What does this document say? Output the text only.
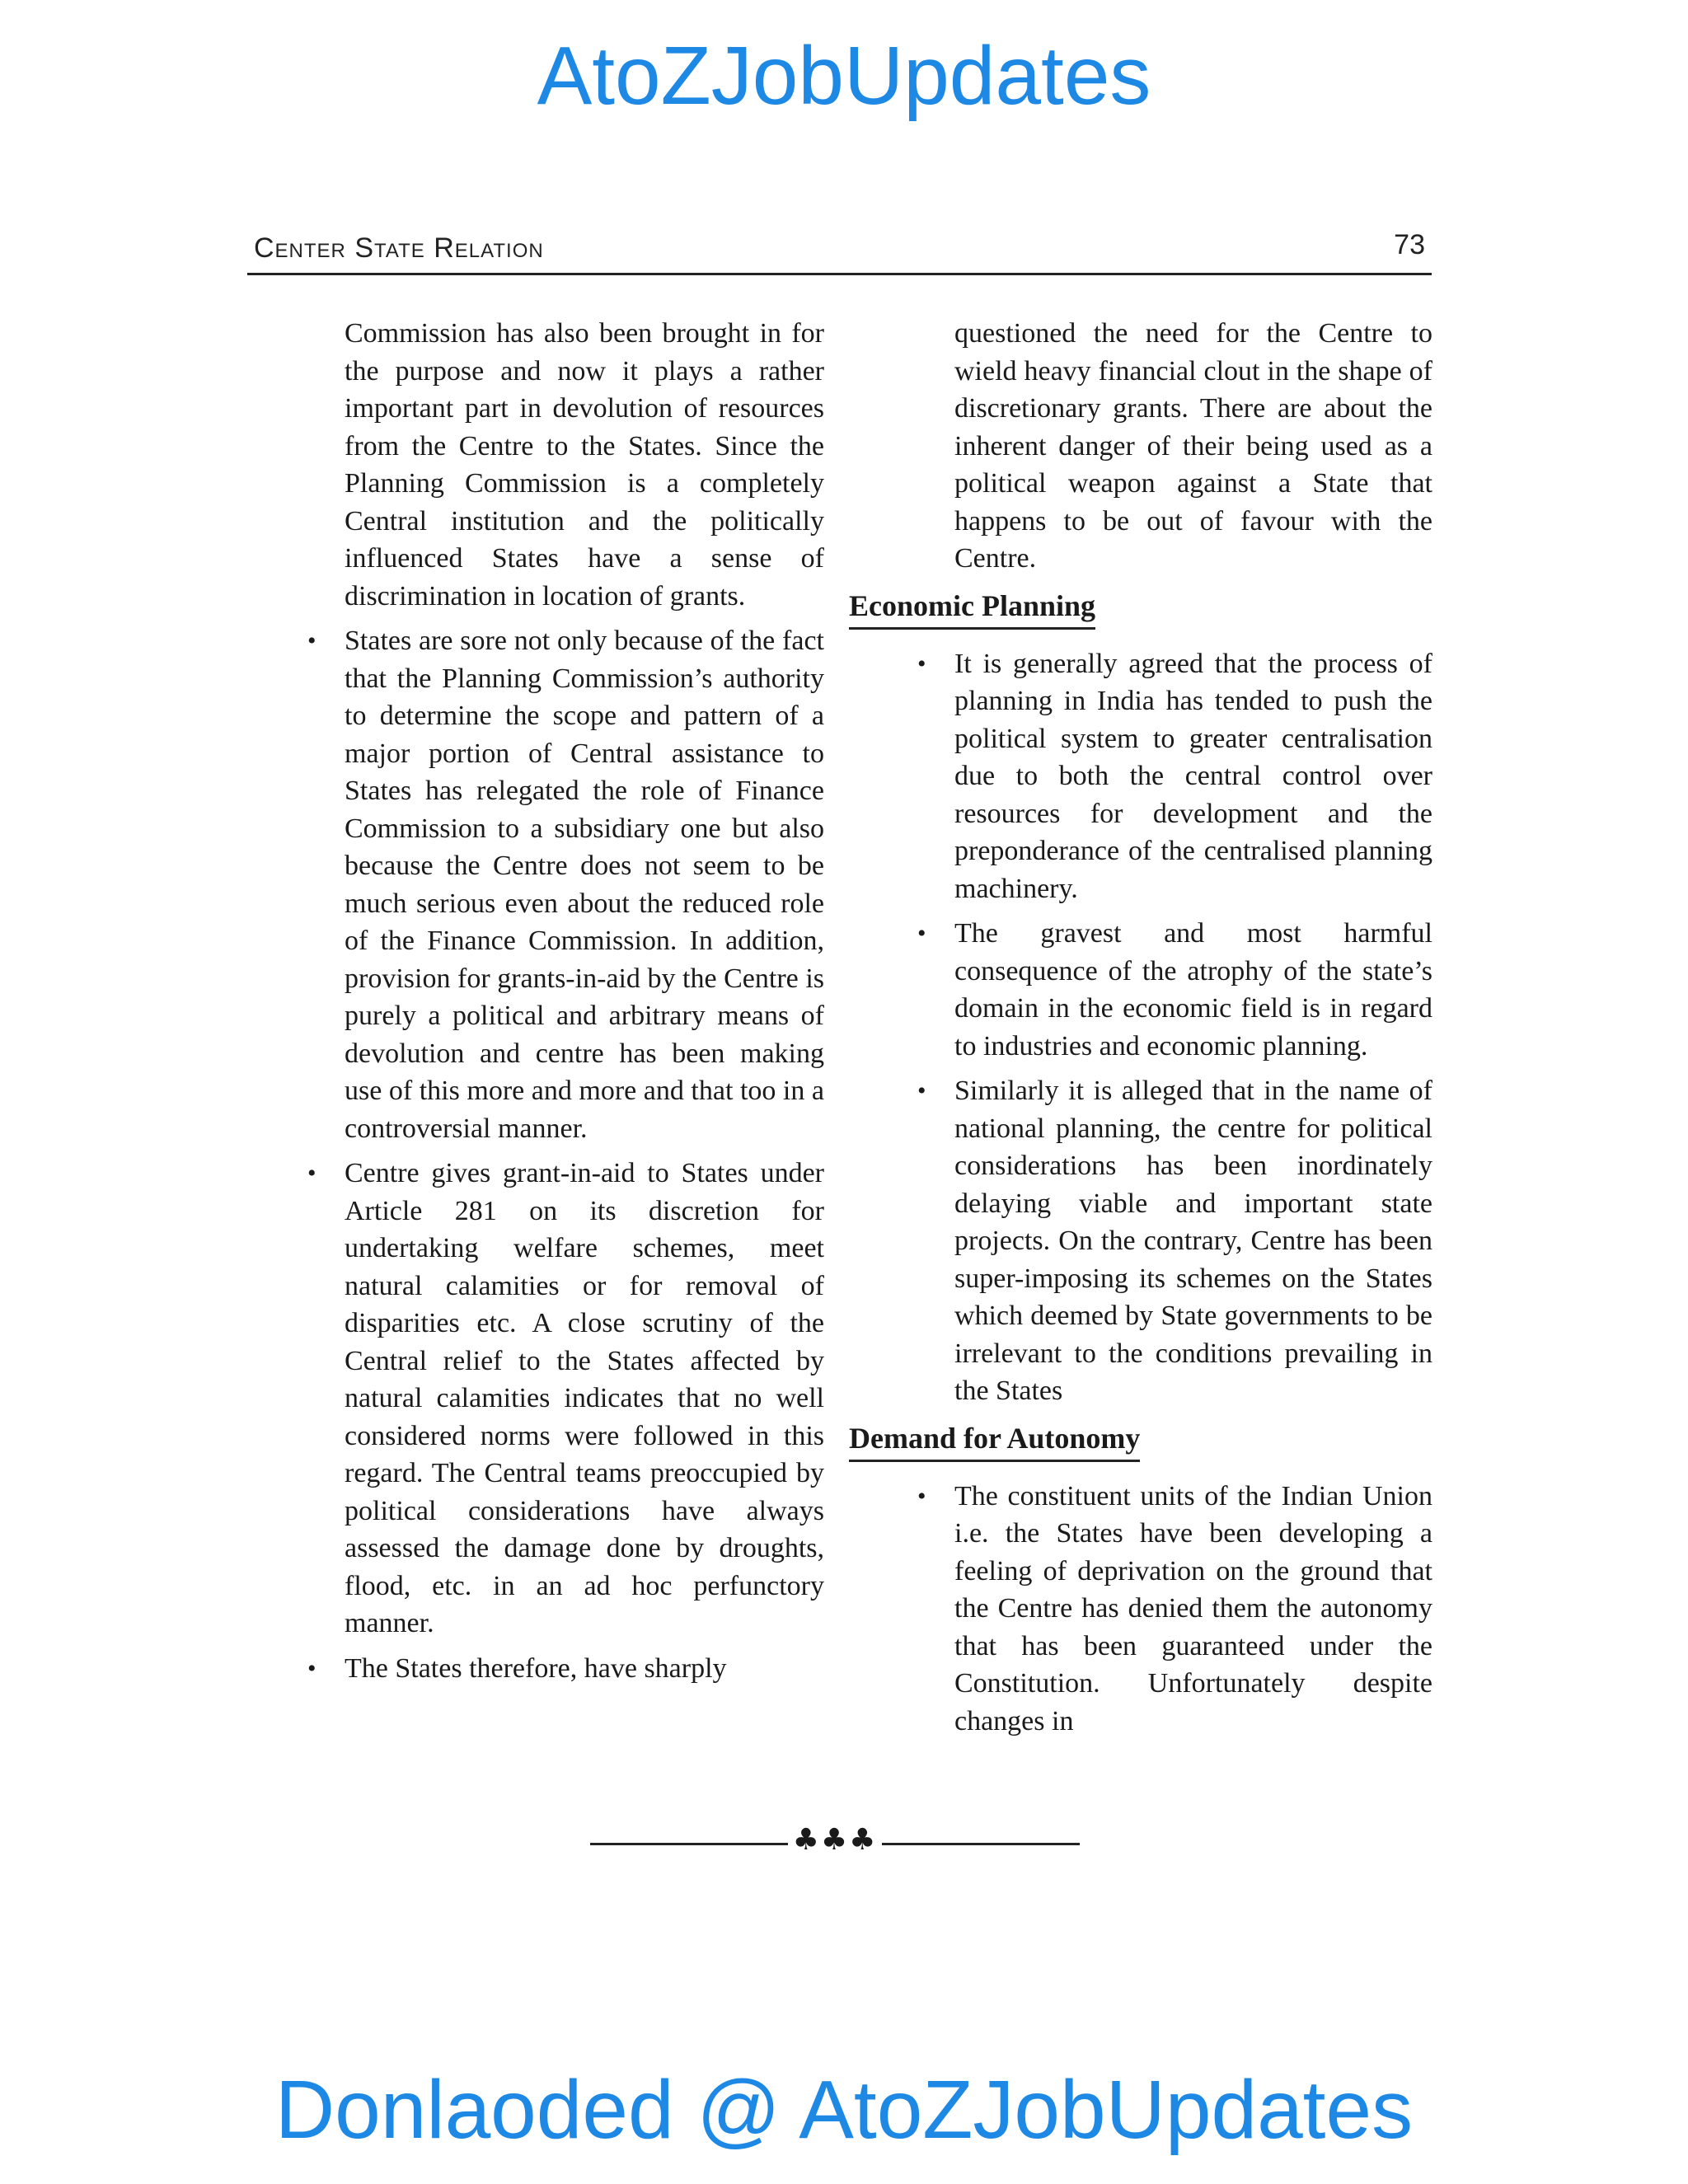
AtoZJobUpdates
Center State Relation	73

Commission has also been brought in for the purpose and now it plays a rather important part in devolution of resources from the Centre to the States. Since the Planning Commission is a completely Central institution and the politically influenced States have a sense of discrimination in location of grants.

• States are sore not only because of the fact that the Planning Commission’s authority to determine the scope and pattern of a major portion of Central assistance to States has relegated the role of Finance Commission to a subsidiary one but also because the Centre does not seem to be much serious even about the reduced role of the Finance Commission. In addition, provision for grants-in-aid by the Centre is purely a political and arbitrary means of devolution and centre has been making use of this more and more and that too in a controversial manner.
• Centre gives grant-in-aid to States under Article 281 on its discretion for undertaking welfare schemes, meet natural calamities or for removal of disparities etc. A close scrutiny of the Central relief to the States affected by natural calamities indicates that no well considered norms were followed in this regard. The Central teams preoccupied by political considerations have always assessed the damage done by droughts, flood, etc. in an ad hoc perfunctory manner.
• The States therefore, have sharply

questioned the need for the Centre to wield heavy financial clout in the shape of discretionary grants. There are about the inherent danger of their being used as a political weapon against a State that happens to be out of favour with the Centre.

Economic Planning
• It is generally agreed that the process of planning in India has tended to push the political system to greater centralisation due to both the central control over resources for development and the preponderance of the centralised planning machinery.
• The gravest and most harmful consequence of the atrophy of the state’s domain in the economic field is in regard to industries and economic planning.
• Similarly it is alleged that in the name of national planning, the centre for political considerations has been inordinately delaying viable and important state projects. On the contrary, Centre has been super-imposing its schemes on the States which deemed by State governments to be irrelevant to the conditions prevailing in the States
Demand for Autonomy
• The constituent units of the Indian Union i.e. the States have been developing a feeling of deprivation on the ground that the Centre has denied them the autonomy that has been guaranteed under the Constitution. Unfortunately despite changes in
♣♣♣
Donlaoded @ AtoZJobUpdates
